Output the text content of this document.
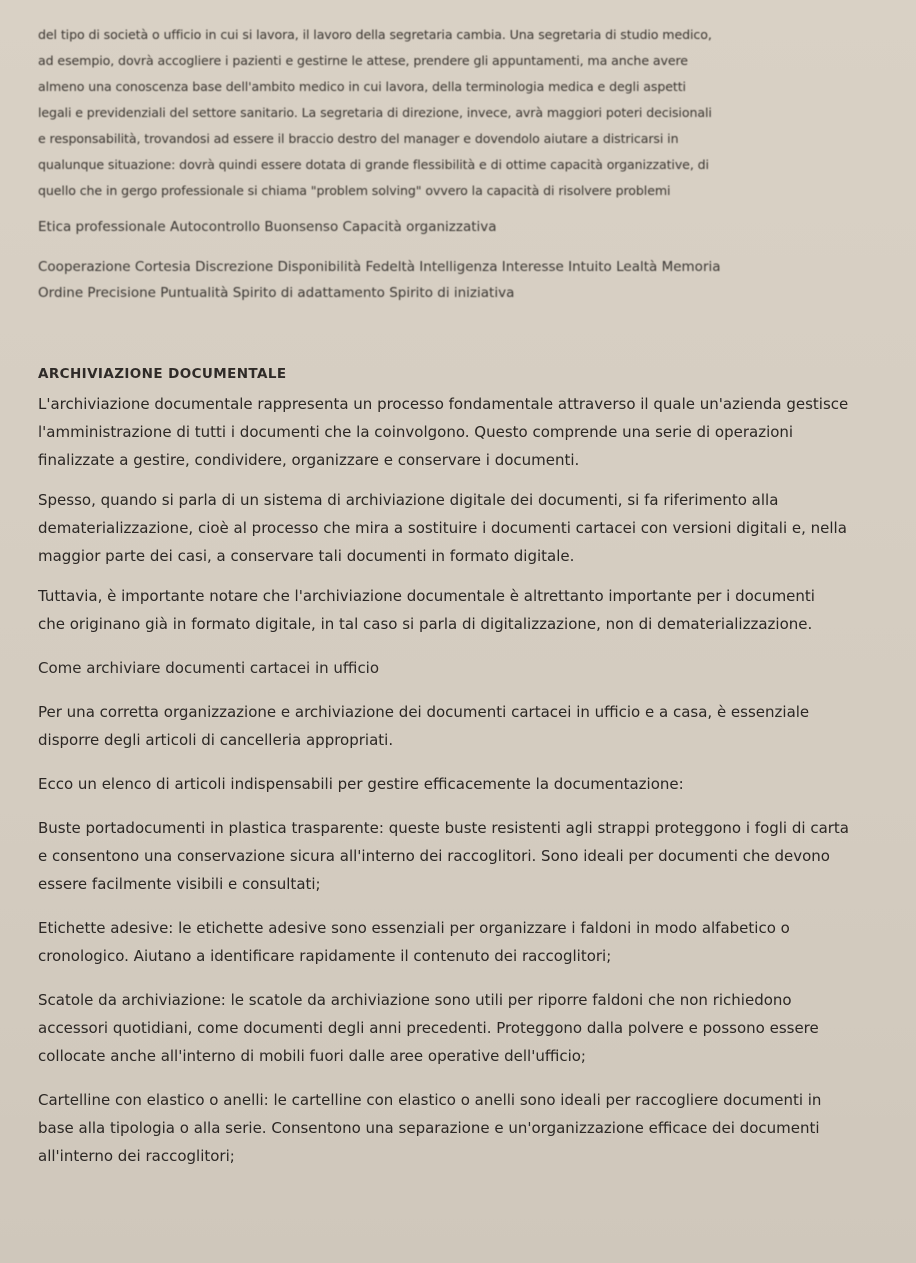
del tipo di società o ufficio in cui si lavora, il lavoro della segretaria cambia. Una segretaria di studio medico,
ad esempio, dovrà accogliere i pazienti e gestirne le attese, prendere gli appuntamenti, ma anche avere
almeno una conoscenza base dell'ambito medico in cui lavora, della terminologia medica e degli aspetti
legali e previdenziali del settore sanitario. La segretaria di direzione, invece, avrà maggiori poteri decisionali
e responsabilità, trovandosi ad essere il braccio destro del manager e dovendolo aiutare a districarsi in
qualunque situazione: dovrà quindi essere dotata di grande flessibilità e di ottime capacità organizzative, di
quello che in gergo professionale si chiama "problem solving" ovvero la capacità di risolvere problemi
Etica professionale Autocontrollo Buonsenso Capacità organizzativa
Cooperazione Cortesia Discrezione Disponibilità Fedeltà Intelligenza Interesse Intuito Lealtà Memoria
Ordine Precisione Puntualità Spirito di adattamento Spirito di iniziativa
ARCHIVIAZIONE DOCUMENTALE
L'archiviazione documentale rappresenta un processo fondamentale attraverso il quale un'azienda gestisce
l'amministrazione di tutti i documenti che la coinvolgono. Questo comprende una serie di operazioni
finalizzate a gestire, condividere, organizzare e conservare i documenti.
Spesso, quando si parla di un sistema di archiviazione digitale dei documenti, si fa riferimento alla
dematerializzazione, cioè al processo che mira a sostituire i documenti cartacei con versioni digitali e, nella
maggior parte dei casi, a conservare tali documenti in formato digitale.
Tuttavia, è importante notare che l'archiviazione documentale è altrettanto importante per i documenti
che originano già in formato digitale, in tal caso si parla di digitalizzazione, non di dematerializzazione.
Come archiviare documenti cartacei in ufficio
Per una corretta organizzazione e archiviazione dei documenti cartacei in ufficio e a casa, è essenziale
disporre degli articoli di cancelleria appropriati.
Ecco un elenco di articoli indispensabili per gestire efficacemente la documentazione:
Buste portadocumenti in plastica trasparente: queste buste resistenti agli strappi proteggono i fogli di carta
e consentono una conservazione sicura all'interno dei raccoglitori. Sono ideali per documenti che devono
essere facilmente visibili e consultati;
Etichette adesive: le etichette adesive sono essenziali per organizzare i faldoni in modo alfabetico o
cronologico. Aiutano a identificare rapidamente il contenuto dei raccoglitori;
Scatole da archiviazione: le scatole da archiviazione sono utili per riporre faldoni che non richiedono
accessori quotidiani, come documenti degli anni precedenti. Proteggono dalla polvere e possono essere
collocate anche all'interno di mobili fuori dalle aree operative dell'ufficio;
Cartelline con elastico o anelli: le cartelline con elastico o anelli sono ideali per raccogliere documenti in
base alla tipologia o alla serie. Consentono una separazione e un'organizzazione efficace dei documenti
all'interno dei raccoglitori;
